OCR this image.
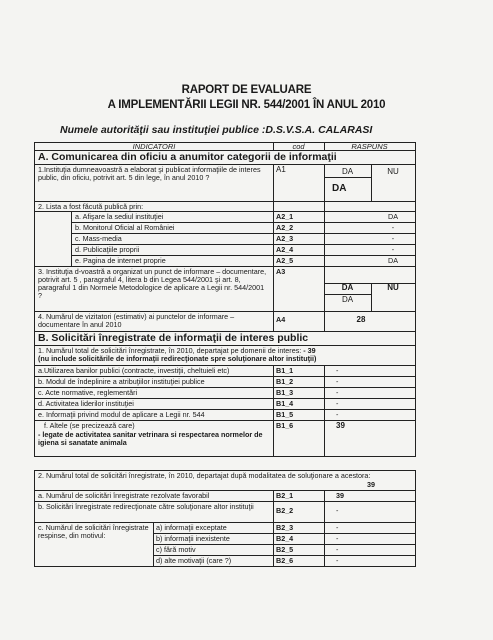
RAPORT DE EVALUARE
A IMPLEMENTĂRII LEGII NR. 544/2001 ÎN ANUL 2010
Numele autorităţii sau instituţiei publice :D.S.V.S.A. CALARASI
INDICATORI	cod	RASPUNS
A. Comunicarea din oficiu a anumitor categorii de informaţii
1.Instituţia dumneavoastră a elaborat şi publicat informaţiile de interes public, din oficiu, potrivit art. 5 din lege, în anul 2010 ?
A1	DA	NU
DA
2. Lista a fost făcută publică prin:
a. Afişare la sediul instituţiei	A2_1	DA
b. Monitorul Oficial al României	A2_2	-
c. Mass-media	A2_3	-
d. Publicaţiile proprii	A2_4	-
e. Pagina de internet proprie	A2_5	DA
3. Instituţia d-voastră a organizat un punct de informare – documentare, potrivit art. 5 , paragraful 4, litera b din Legea 544/2001 şi art. 8, paragraful 1 din Normele Metodologice de aplicare a Legii nr. 544/2001 ?
A3
DA	NU
DA
4. Numărul de vizitatori (estimativ) ai punctelor de informare – documentare în anul 2010
A4	28
B. Solicitări înregistrate de informaţii de interes public
1. Numărul total de solicitări înregistrate, în 2010, departajat pe domenii de interes: - 39
(nu include solicitările de informaţii redirecţionate spre soluţionare altor instituţii)
a.Utilizarea banilor publici (contracte, investiţii, cheltuieli etc)	B1_1	-
b. Modul de îndeplinire a atribuţiilor instituţiei publice	B1_2	-
c. Acte normative, reglementări	B1_3	-
d. Activitatea liderilor instituţiei	B1_4	-
e. Informaţii privind modul de aplicare a Legii nr. 544	B1_5	-
f. Altele (se precizează care)
- legate de activitatea sanitar vetrinara si respectarea normelor de igiena si sanatate animala
B1_6	39
2. Numărul total de solicitări înregistrate, în 2010, departajat după modalitatea de soluţionare a acestora:
39
a. Numărul de solicitări înregistrate rezolvate favorabil	B2_1	39
b. Solicitări înregistrate redirecţionate către soluţionare altor instituţii	B2_2	-
c. Numărul de solicitări înregistrate respinse, din motivul:
a) informaţii exceptate	B2_3	-
b) informaţii inexistente	B2_4	-
c) fără motiv	B2_5	-
d) alte motivaţii (care ?)	B2_6	-
